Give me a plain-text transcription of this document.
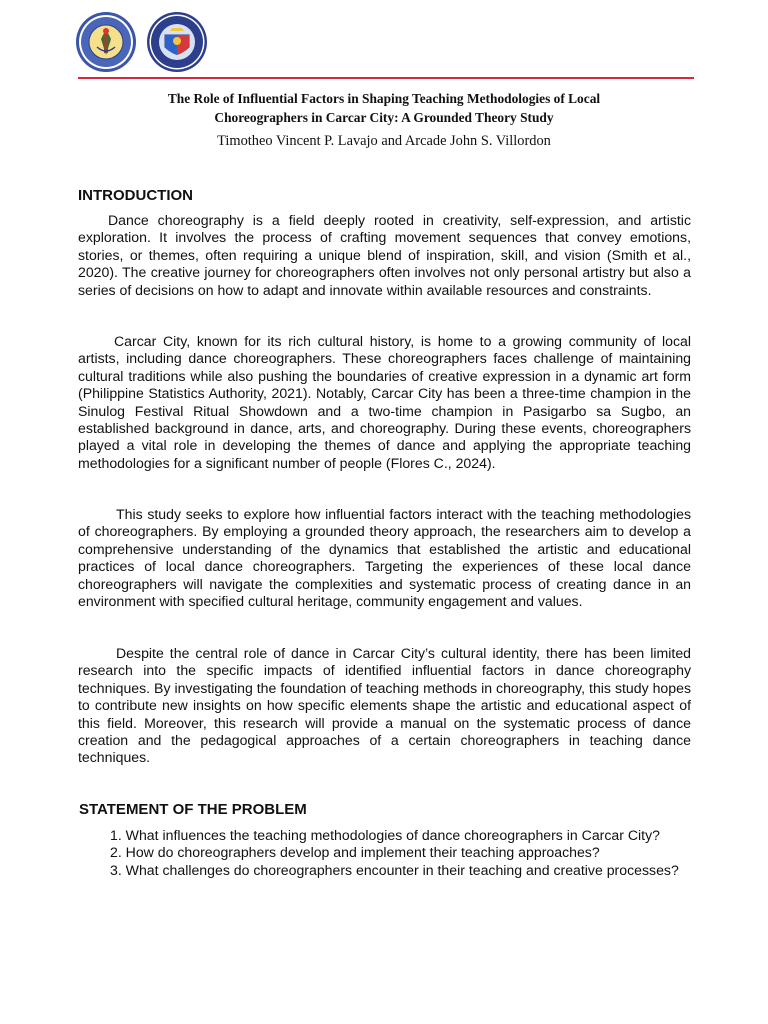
The Role of Influential Factors in Shaping Teaching Methodologies of Local
Choreographers in Carcar City: A Grounded Theory Study
Timotheo Vincent P. Lavajo and Arcade John S. Villordon
INTRODUCTION

Dance choreography is a field deeply rooted in creativity, self-expression, and artistic exploration. It involves the process of crafting movement sequences that convey emotions, stories, or themes, often requiring a unique blend of inspiration, skill, and vision (Smith et al., 2020). The creative journey for choreographers often involves not only personal artistry but also a series of decisions on how to adapt and innovate within available resources and constraints.

Carcar City, known for its rich cultural history, is home to a growing community of local artists, including dance choreographers. These choreographers faces challenge of maintaining cultural traditions while also pushing the boundaries of creative expression in a dynamic art form (Philippine Statistics Authority, 2021). Notably, Carcar City has been a three-time champion in the Sinulog Festival Ritual Showdown and a two-time champion in Pasigarbo sa Sugbo, an established background in dance, arts, and choreography. During these events, choreographers played a vital role in developing the themes of dance and applying the appropriate teaching methodologies for a significant number of people (Flores C., 2024).

This study seeks to explore how influential factors interact with the teaching methodologies of choreographers. By employing a grounded theory approach, the researchers aim to develop a comprehensive understanding of the dynamics that established the artistic and educational practices of local dance choreographers. Targeting the experiences of these local dance choreographers will navigate the complexities and systematic process of creating dance in an environment with specified cultural heritage, community engagement and values.

Despite the central role of dance in Carcar City’s cultural identity, there has been limited research into the specific impacts of identified influential factors in dance choreography techniques. By investigating the foundation of teaching methods in choreography, this study hopes to contribute new insights on how specific elements shape the artistic and educational aspect of this field. Moreover, this research will provide a manual on the systematic process of dance creation and the pedagogical approaches of a certain choreographers in teaching dance techniques.

STATEMENT OF THE PROBLEM
1. What influences the teaching methodologies of dance choreographers in Carcar City?
2. How do choreographers develop and implement their teaching approaches?
3. What challenges do choreographers encounter in their teaching and creative processes?
